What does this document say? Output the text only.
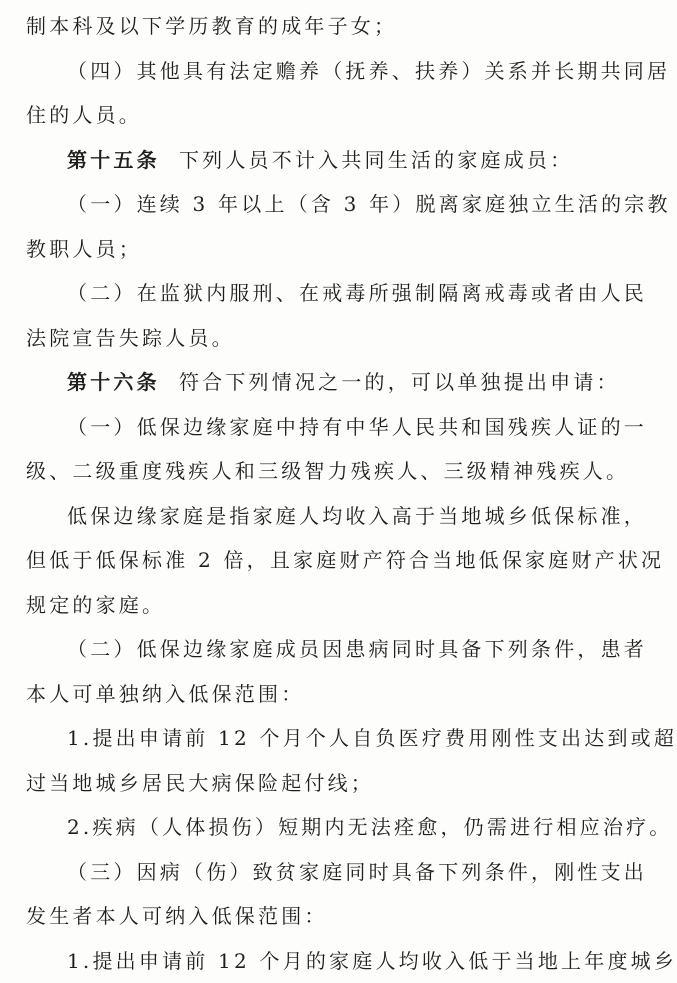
制本科及以下学历教育的成年子女；
（四）其他具有法定赡养（抚养、扶养）关系并长期共同居
住的人员。
第十五条 下列人员不计入共同生活的家庭成员：
（一）连续 3 年以上（含 3 年）脱离家庭独立生活的宗教
教职人员；
（二）在监狱内服刑、在戒毒所强制隔离戒毒或者由人民
法院宣告失踪人员。
第十六条 符合下列情况之一的，可以单独提出申请：
（一）低保边缘家庭中持有中华人民共和国残疾人证的一
级、二级重度残疾人和三级智力残疾人、三级精神残疾人。
低保边缘家庭是指家庭人均收入高于当地城乡低保标准，
但低于低保标准 2 倍，且家庭财产符合当地低保家庭财产状况
规定的家庭。
（二）低保边缘家庭成员因患病同时具备下列条件，患者
本人可单独纳入低保范围：
1.提出申请前 12 个月个人自负医疗费用刚性支出达到或超
过当地城乡居民大病保险起付线；
2.疾病（人体损伤）短期内无法痊愈，仍需进行相应治疗。
（三）因病（伤）致贫家庭同时具备下列条件，刚性支出
发生者本人可纳入低保范围：
1.提出申请前 12 个月的家庭人均收入低于当地上年度城乡
